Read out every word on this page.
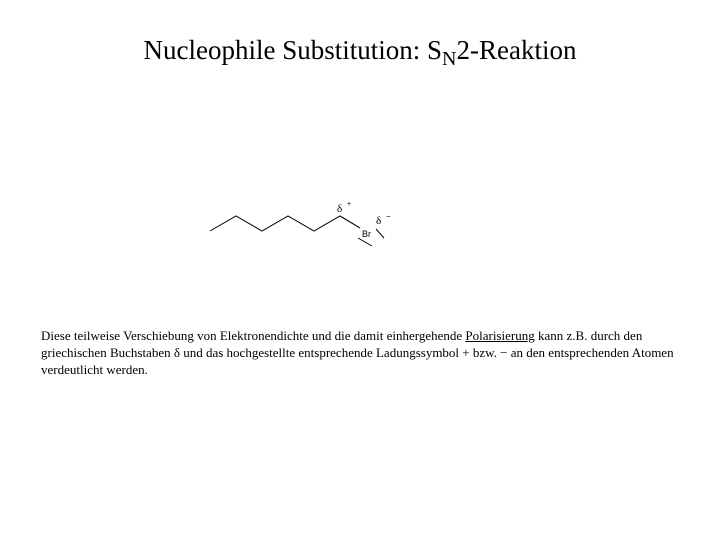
Nucleophile Substitution: $S_N2$-Reaktion
δ +
δ −
Br

Diese teilweise Verschiebung von Elektronendichte und die damit einhergehende Polarisierung kann z.B. durch den griechischen Buchstaben δ und das hochgestellte entsprechende Ladungssymbol + bzw. − an den entsprechenden Atomen verdeutlicht werden.
